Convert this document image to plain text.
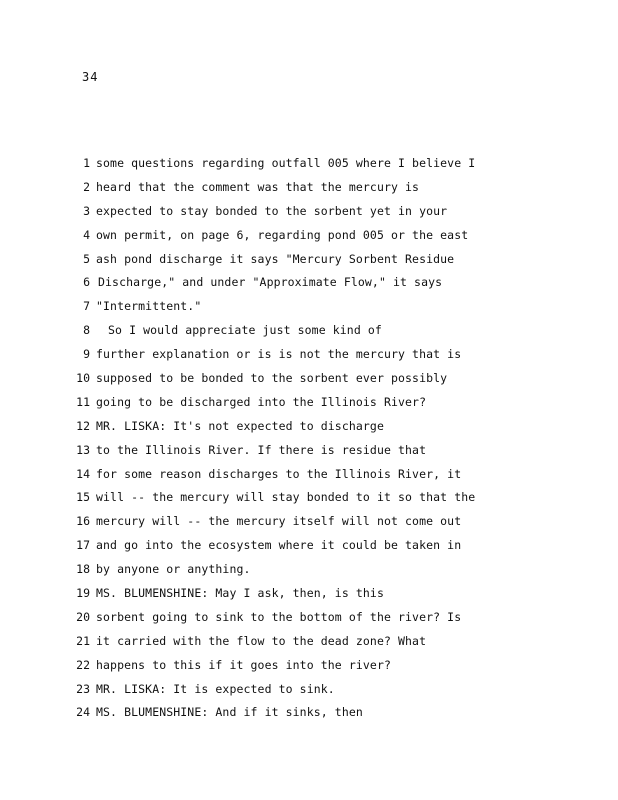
34
1 some questions regarding outfall 005 where I believe I
2 heard that the comment was that the mercury is
3 expected to stay bonded to the sorbent yet in your
4 own permit, on page 6, regarding pond 005 or the east
5 ash pond discharge it says "Mercury Sorbent Residue
6 Discharge," and under "Approximate Flow," it says
7 "Intermittent."
8	So I would appreciate just some kind of
9 further explanation or is is not the mercury that is
10 supposed to be bonded to the sorbent ever possibly
11 going to be discharged into the Illinois River?
12 MR. LISKA: It's not expected to discharge
13 to the Illinois River. If there is residue that
14 for some reason discharges to the Illinois River, it
15 will -- the mercury will stay bonded to it so that the
16 mercury will -- the mercury itself will not come out
17 and go into the ecosystem where it could be taken in
18 by anyone or anything.
19 MS. BLUMENSHINE: May I ask, then, is this
20 sorbent going to sink to the bottom of the river? Is
21 it carried with the flow to the dead zone? What
22 happens to this if it goes into the river?
23 MR. LISKA: It is expected to sink.
24 MS. BLUMENSHINE: And if it sinks, then
